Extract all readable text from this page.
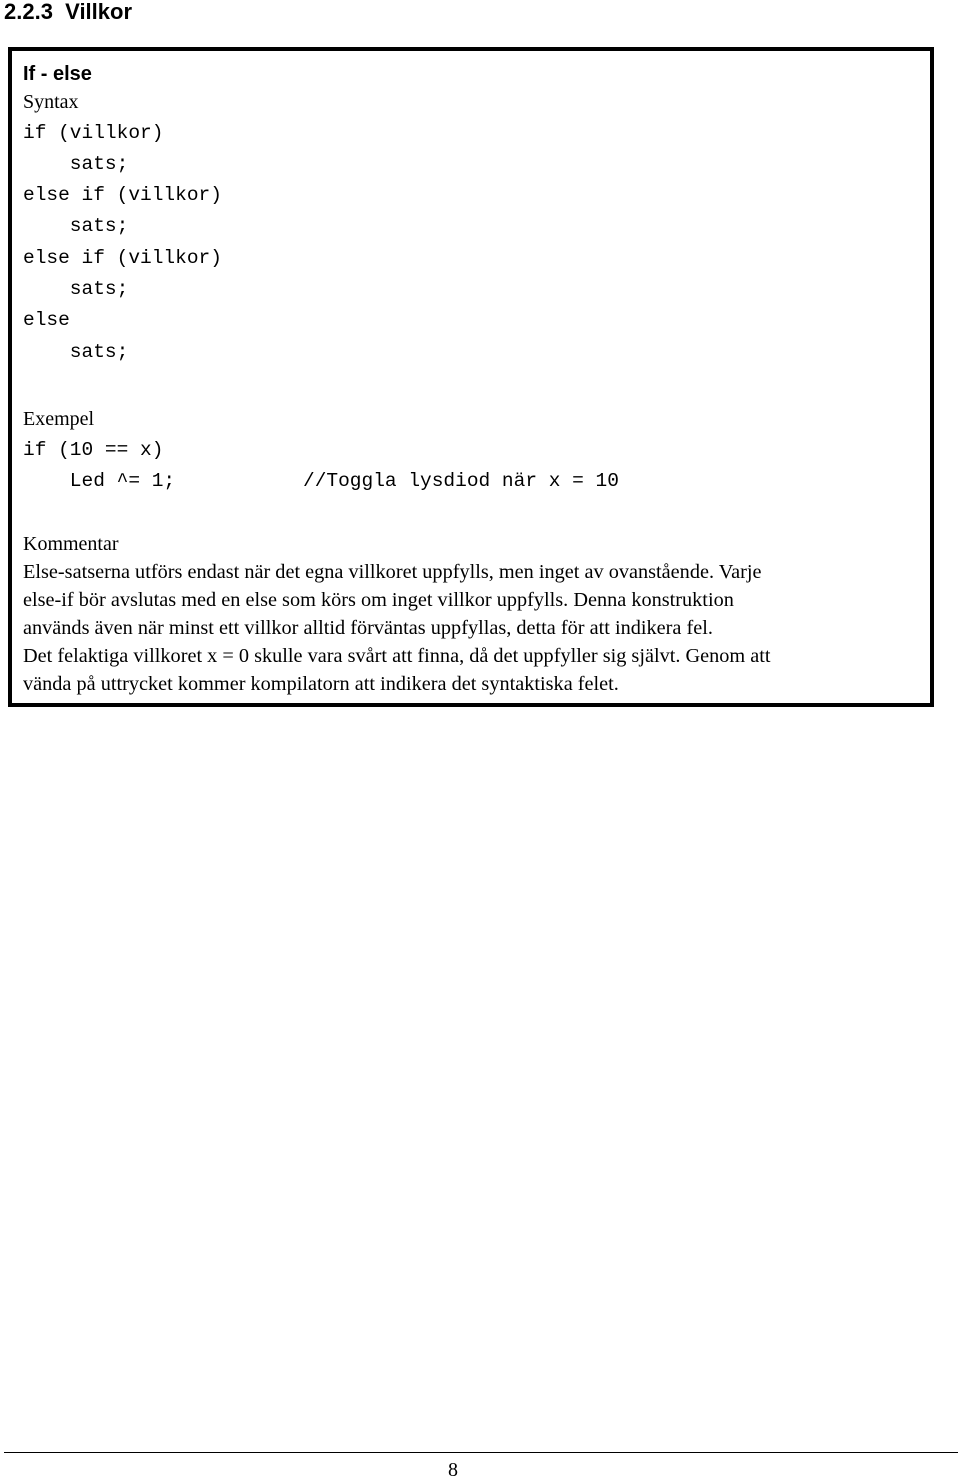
2.2.3 Villkor
If - else
Syntax
if (villkor)
sats;
else if (villkor)
sats;
else if (villkor)
sats;
else
sats;
Exempel
if (10 == x)
Led ^= 1;	//Toggla lysdiod när x = 10
Kommentar

Else-satserna utförs endast när det egna villkoret uppfylls, men inget av ovanstående. Varje
else-if bör avslutas med en else som körs om inget villkor uppfylls. Denna konstruktion
används även när minst ett villkor alltid förväntas uppfyllas, detta för att indikera fel.
Det felaktiga villkoret x = 0 skulle vara svårt att finna, då det uppfyller sig självt. Genom att
vända på uttrycket kommer kompilatorn att indikera det syntaktiska felet.

8
